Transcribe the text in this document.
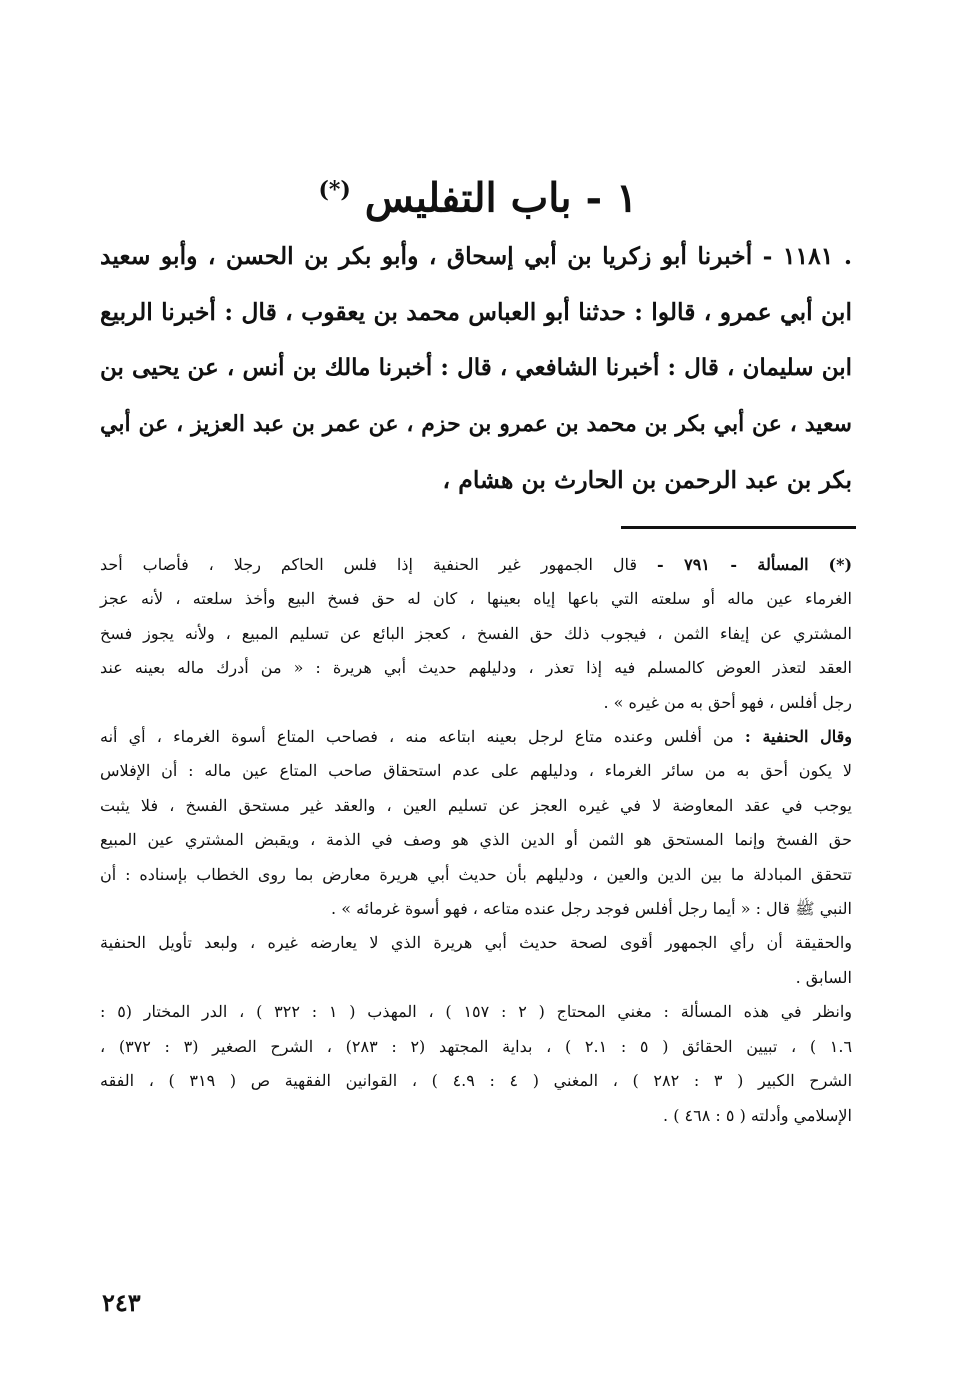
١ - باب التفليس (*)
. ١١٨١ - أخبرنا أبو زكريا بن أبي إسحاق ، وأبو بكر بن الحسن ، وأبو سعيد
ابن أبي عمرو ، قالوا : حدثنا أبو العباس محمد بن يعقوب ، قال : أخبرنا الربيع
ابن سليمان ، قال : أخبرنا الشافعي ، قال : أخبرنا مالك بن أنس ، عن يحيى بن
سعيد ، عن أبي بكر بن محمد بن عمرو بن حزم ، عن عمر بن عبد العزيز ، عن أبي
بكر بن عبد الرحمن بن الحارث بن هشام ،
(*) المسألة - ٧٩١ - قال الجمهور غير الحنفية إذا فلس الحاكم رجلا ، فأصاب أحد
الغرماء عين ماله أو سلعته التي باعها إياه بعينها ، كان له حق فسخ البيع وأخذ سلعته ، لأنه عجز
المشتري عن إيفاء الثمن ، فيجوب ذلك حق الفسخ ، كعجز البائع عن تسليم المبيع ، ولأنه يجوز فسخ
العقد لتعذر العوض كالمسلم فيه إذا تعذر ، ودليلهم حديث أبي هريرة : « من أدرك ماله بعينه عند
رجل أفلس ، فهو أحق به من غيره » .
وقال الحنفية : من أفلس وعنده متاع لرجل بعينه ابتاعه منه ، فصاحب المتاع أسوة الغرماء ، أي أنه
لا يكون أحق به من سائر الغرماء ، ودليلهم على عدم استحقاق صاحب المتاع عين ماله : أن الإفلاس
يوجب في عقد المعاوضة لا في غيره العجز عن تسليم العين ، والعقد غير مستحق الفسخ ، فلا يثبت
حق الفسخ وإنما المستحق هو الثمن أو الدين الذي هو وصف في الذمة ، ويقبض المشتري عين المبيع
تتحقق المبادلة ما بين الدين والعين ، ودليلهم بأن حديث أبي هريرة معارض بما روى الخطاب بإسناده : أن
النبي ﷺ قال : « أيما رجل أفلس فوجد رجل عنده متاعه ، فهو أسوة غرمائه » .
والحقيقة أن رأي الجمهور أقوى لصحة حديث أبي هريرة الذي لا يعارضه غيره ، ولبعد تأويل الحنفية
السابق .
وانظر في هذه المسألة : مغني المحتاج ( ٢ : ١٥٧ ) ، المهذب ( ١ : ٣٢٢ ) ، الدر المختار (٥ :
١.٦ ) ، تبيين الحقائق ( ٥ : ٢.١ ) ، بداية المجتهد (٢ : ٢٨٣) ، الشرح الصغير (٣ : ٣٧٢) ،
الشرح الكبير ( ٣ : ٢٨٢ ) ، المغني ( ٤ : ٤.٩ ) ، القوانين الفقهية ص ( ٣١٩ ) ، الفقه
الإسلامي وأدلته ( ٥ : ٤٦٨ ) .
٢٤٣
